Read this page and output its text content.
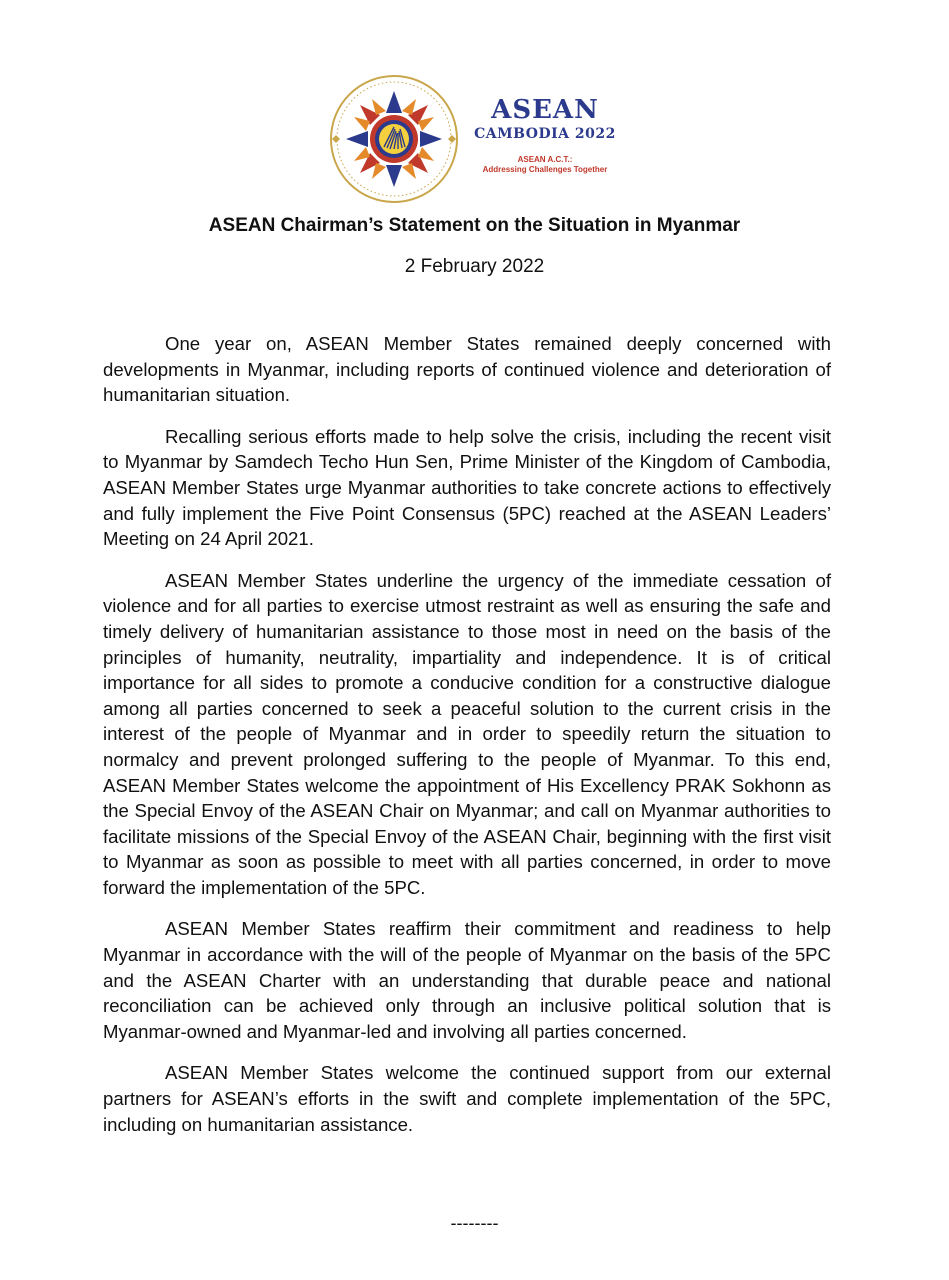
ASEAN
CAMBODIA 2022
ASEAN A.C.T.:
Addressing Challenges Together
ASEAN Chairman’s Statement on the Situation in Myanmar
2 February 2022

One year on, ASEAN Member States remained deeply concerned with developments in Myanmar, including reports of continued violence and deterioration of humanitarian situation.

Recalling serious efforts made to help solve the crisis, including the recent visit to Myanmar by Samdech Techo Hun Sen, Prime Minister of the Kingdom of Cambodia, ASEAN Member States urge Myanmar authorities to take concrete actions to effectively and fully implement the Five Point Consensus (5PC) reached at the ASEAN Leaders’ Meeting on 24 April 2021.

ASEAN Member States underline the urgency of the immediate cessation of violence and for all parties to exercise utmost restraint as well as ensuring the safe and timely delivery of humanitarian assistance to those most in need on the basis of the principles of humanity, neutrality, impartiality and independence. It is of critical importance for all sides to promote a conducive condition for a constructive dialogue among all parties concerned to seek a peaceful solution to the current crisis in the interest of the people of Myanmar and in order to speedily return the situation to normalcy and prevent prolonged suffering to the people of Myanmar. To this end, ASEAN Member States welcome the appointment of His Excellency PRAK Sokhonn as the Special Envoy of the ASEAN Chair on Myanmar; and call on Myanmar authorities to facilitate missions of the Special Envoy of the ASEAN Chair, beginning with the first visit to Myanmar as soon as possible to meet with all parties concerned, in order to move forward the implementation of the 5PC.

ASEAN Member States reaffirm their commitment and readiness to help Myanmar in accordance with the will of the people of Myanmar on the basis of the 5PC and the ASEAN Charter with an understanding that durable peace and national reconciliation can be achieved only through an inclusive political solution that is Myanmar-owned and Myanmar-led and involving all parties concerned.

ASEAN Member States welcome the continued support from our external partners for ASEAN’s efforts in the swift and complete implementation of the 5PC, including on humanitarian assistance.

--------
